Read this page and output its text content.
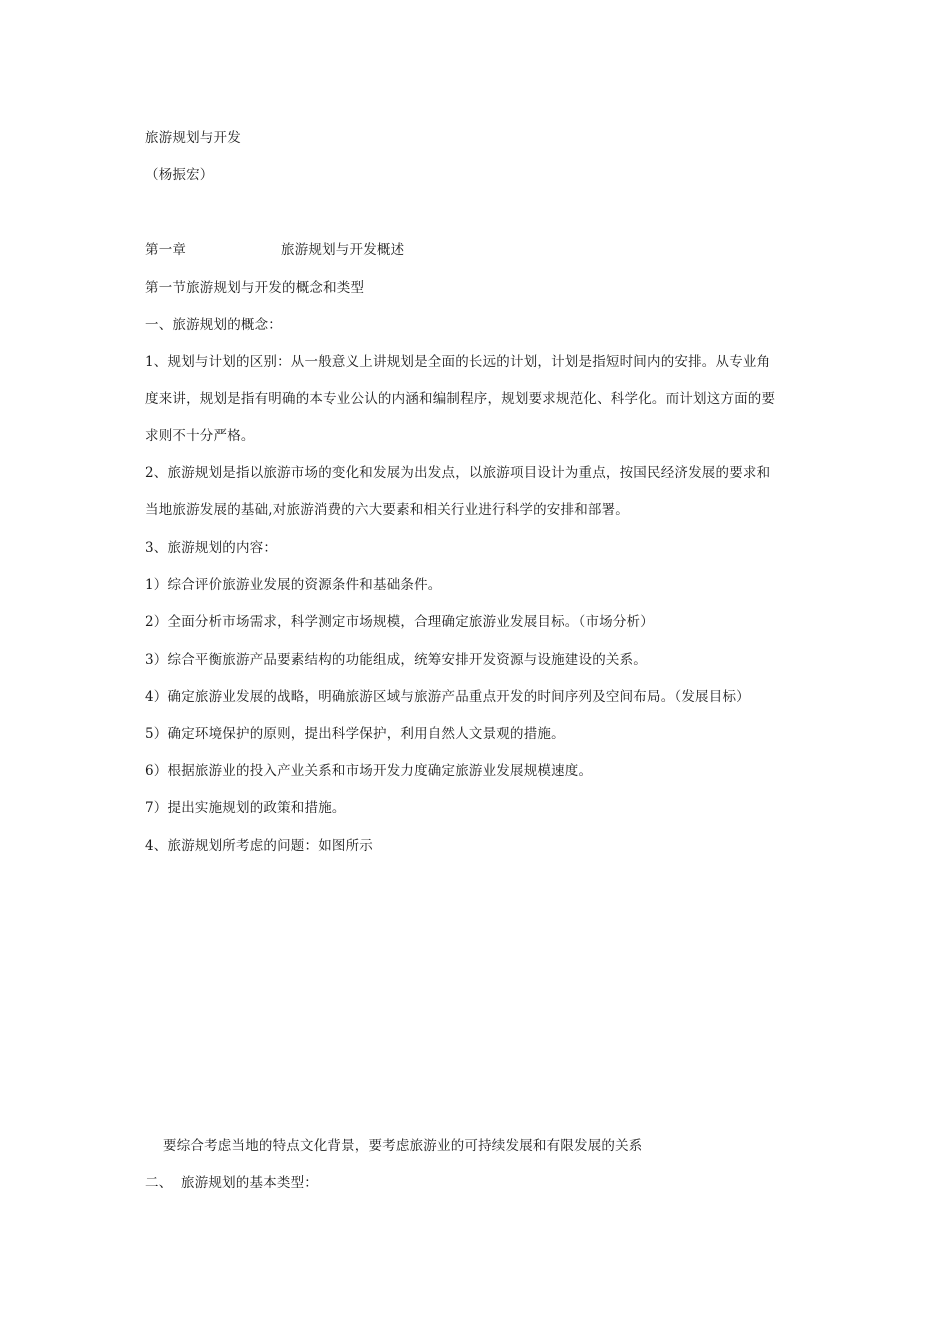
旅游规划与开发
（杨振宏）
第一章	旅游规划与开发概述
第一节旅游规划与开发的概念和类型
一、旅游规划的概念：
1、规划与计划的区别：从一般意义上讲规划是全面的长远的计划，计划是指短时间内的安排。从专业角
度来讲，规划是指有明确的本专业公认的内涵和编制程序，规划要求规范化、科学化。而计划这方面的要
求则不十分严格。
2、旅游规划是指以旅游市场的变化和发展为出发点，以旅游项目设计为重点，按国民经济发展的要求和
当地旅游发展的基础,对旅游消费的六大要素和相关行业进行科学的安排和部署。
3、旅游规划的内容：
1）综合评价旅游业发展的资源条件和基础条件。
2）全面分析市场需求，科学测定市场规模，合理确定旅游业发展目标。（市场分析）
3）综合平衡旅游产品要素结构的功能组成，统筹安排开发资源与设施建设的关系。
4）确定旅游业发展的战略，明确旅游区域与旅游产品重点开发的时间序列及空间布局。（发展目标）
5）确定环境保护的原则，提出科学保护，利用自然人文景观的措施。
6）根据旅游业的投入产业关系和市场开发力度确定旅游业发展规模速度。
7）提出实施规划的政策和措施。
4、旅游规划所考虑的问题：如图所示
要综合考虑当地的特点文化背景，要考虑旅游业的可持续发展和有限发展的关系
二、 旅游规划的基本类型：
